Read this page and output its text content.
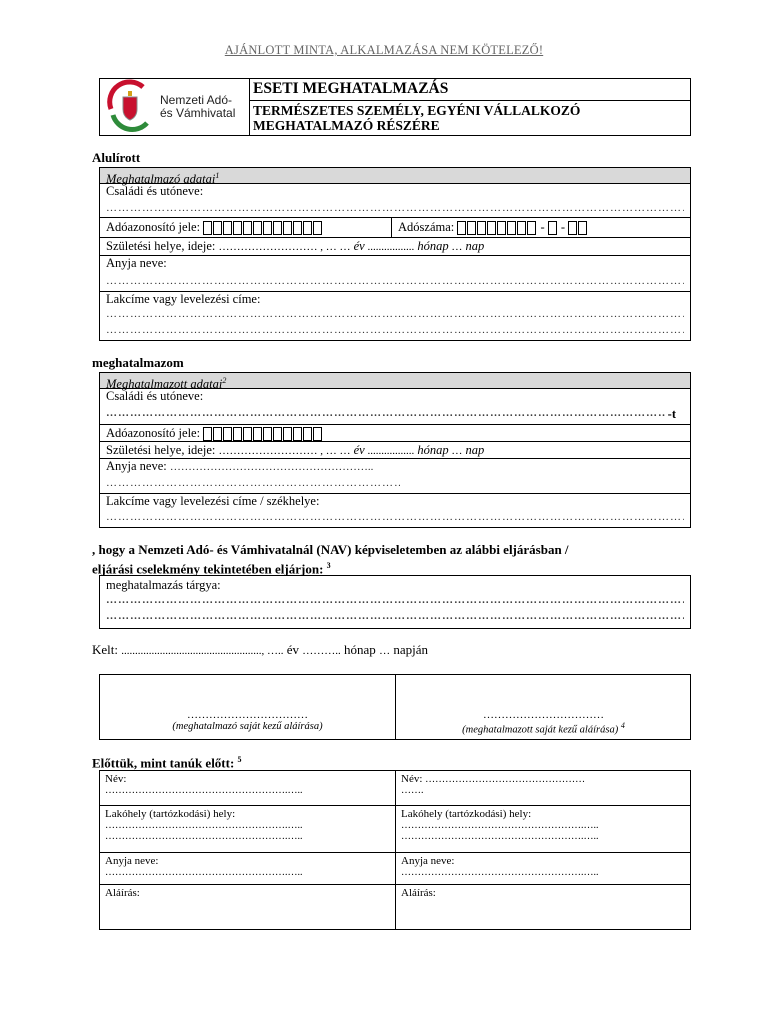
AJÁNLOTT MINTA, ALKALMAZÁSA NEM KÖTELEZŐ!
Nemzeti Adó-
és Vámhivatal
ESETI MEGHATALMAZÁS
TERMÉSZETES SZEMÉLY, EGYÉNI VÁLLALKOZÓ
MEGHATALMAZÓ RÉSZÉRE
Alulírott
Meghatalmazó adatai$^1$
Családi és utóneve:
……………………………………………………………………………………………………………………………………………………………
Adóazonosító jele:	Adószáma:	-
-
Születési helye, ideje: ……………………… , … … év ................. hónap … nap
Anyja neve:
……………………………………………………………………………………………………………………………………………………………
Lakcíme vagy levelezési címe:
……………………………………………………………………………………………………………………………………………………………
……………………………………………………………………………………………………………………………………………………………
meghatalmazom
Meghatalmazott adatai$^2$
Családi és utóneve:
……………………………………………………………………………………………………………………………………………………………
-t
Adóazonosító jele:
Születési helye, ideje: ……………………… , … … év ................. hónap … nap
Anyja neve: ………………………………………………..
……………………………………………………………………………………………………………………………………………………………
Lakcíme vagy levelezési címe / székhelye:
……………………………………………………………………………………………………………………………………………………………
, hogy a Nemzeti Adó- és Vámhivatalnál (NAV) képviseletemben az alábbi eljárásban /
eljárási cselekmény tekintetében eljárjon: $^3$
meghatalmazás tárgya:
……………………………………………………………………………………………………………………………………………………………
……………………………………………………………………………………………………………………………………………………………
Kelt: ..................................................., ….. év ……….. hónap … napján
……………………………
(meghatalmazó saját kezű aláírása)
……………………………
(meghatalmazott saját kezű aláírása) $^4$
Előttük, mint tanúk előtt: $^5$
Név:
……………………………………………….…..
Lakóhely (tartózkodási) hely:
……………………………………………….…..
……………………………………………….…..
Anyja neve:
……………………………………………….…..
Aláírás:
Név: …………………………………………
…….
Lakóhely (tartózkodási) hely:
……………………………………………….…..
……………………………………………….…..
Anyja neve:
……………………………………………….…..
Aláírás:
